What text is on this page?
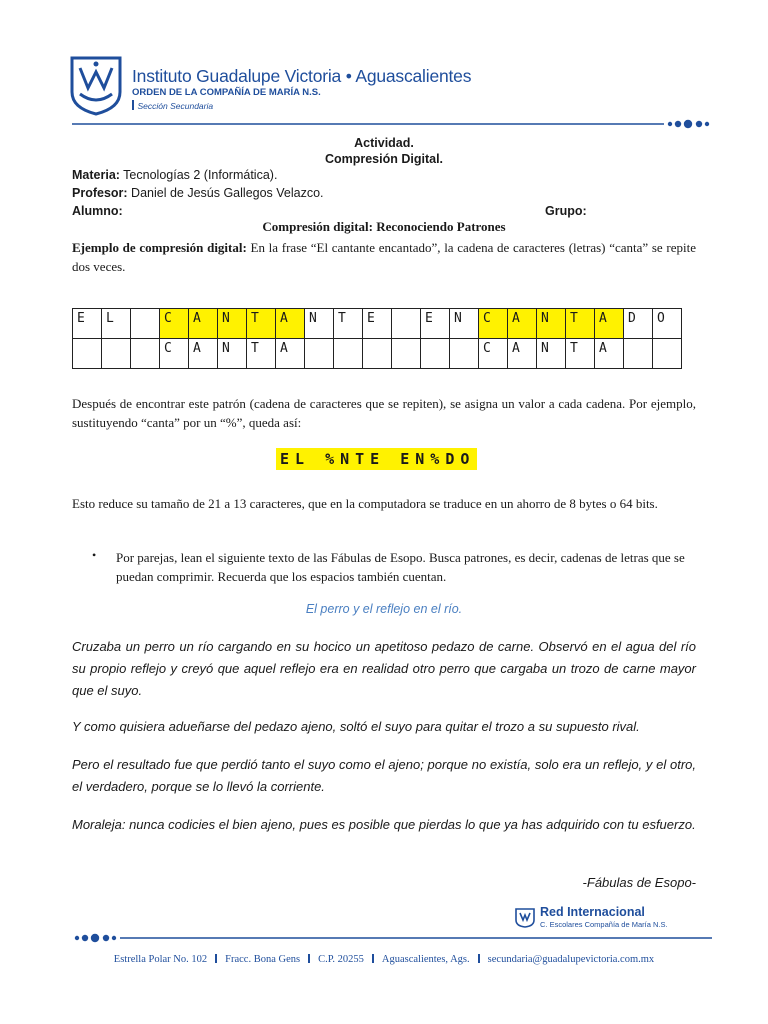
Instituto Guadalupe Victoria • Aguascalientes
ORDEN DE LA COMPAÑÍA DE MARÍA N.S.
Sección Secundaria
Actividad.
Compresión Digital.
Materia: Tecnologías 2 (Informática).
Profesor: Daniel de Jesús Gallegos Velazco.
Alumno:	Grupo:
Compresión digital: Reconociendo Patrones
Ejemplo de compresión digital: En la frase “El cantante encantado”, la cadena de caracteres (letras) “canta” se repite dos veces.
E	L		C	A	N	T	A	N	T	E		E	N	C	A	N	T	A	D	O
			C	A	N	T	A							C	A	N	T	A		
Después de encontrar este patrón (cadena de caracteres que se repiten), se asigna un valor a cada cadena. Por ejemplo, sustituyendo “canta” por un “%”, queda así:
EL %NTE EN%DO
Esto reduce su tamaño de 21 a 13 caracteres, que en la computadora se traduce en un ahorro de 8 bytes o 64 bits.
• Por parejas, lean el siguiente texto de las Fábulas de Esopo. Busca patrones, es decir, cadenas de letras que se puedan comprimir. Recuerda que los espacios también cuentan.
El perro y el reflejo en el río.
Cruzaba un perro un río cargando en su hocico un apetitoso pedazo de carne. Observó en el agua del río su propio reflejo y creyó que aquel reflejo era en realidad otro perro que cargaba un trozo de carne mayor que el suyo.
Y como quisiera adueñarse del pedazo ajeno, soltó el suyo para quitar el trozo a su supuesto rival.
Pero el resultado fue que perdió tanto el suyo como el ajeno; porque no existía, solo era un reflejo, y el otro, el verdadero, porque se lo llevó la corriente.
Moraleja: nunca codicies el bien ajeno, pues es posible que pierdas lo que ya has adquirido con tu esfuerzo.
-Fábulas de Esopo-
Red Internacional
C. Escolares Compañía de María N.S.
Estrella Polar No. 102 Fracc. Bona Gens C.P. 20255 Aguascalientes, Ags. secundaria@guadalupevictoria.com.mx
